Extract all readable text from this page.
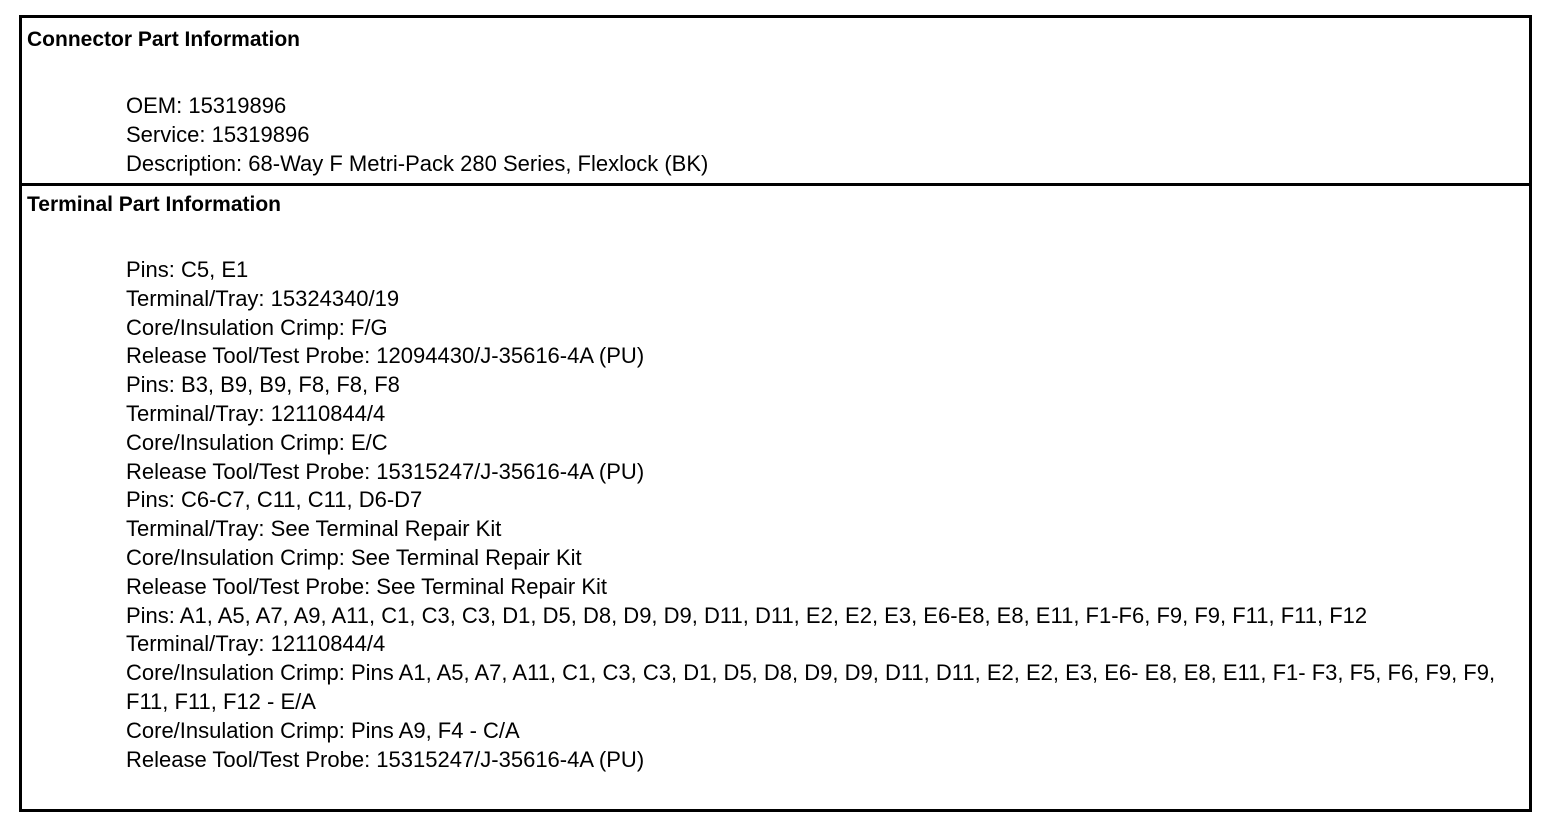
Connector Part Information
OEM: 15319896
Service: 15319896
Description: 68-Way F Metri-Pack 280 Series, Flexlock (BK)
Terminal Part Information
Pins: C5, E1
Terminal/Tray: 15324340/19
Core/Insulation Crimp: F/G
Release Tool/Test Probe: 12094430/J-35616-4A (PU)
Pins: B3, B9, B9, F8, F8, F8
Terminal/Tray: 12110844/4
Core/Insulation Crimp: E/C
Release Tool/Test Probe: 15315247/J-35616-4A (PU)
Pins: C6-C7, C11, C11, D6-D7
Terminal/Tray: See Terminal Repair Kit
Core/Insulation Crimp: See Terminal Repair Kit
Release Tool/Test Probe: See Terminal Repair Kit
Pins: A1, A5, A7, A9, A11, C1, C3, C3, D1, D5, D8, D9, D9, D11, D11, E2, E2, E3, E6-E8, E8, E11, F1-F6, F9, F9, F11, F11, F12
Terminal/Tray: 12110844/4
Core/Insulation Crimp: Pins A1, A5, A7, A11, C1, C3, C3, D1, D5, D8, D9, D9, D11, D11, E2, E2, E3, E6- E8, E8, E11, F1- F3, F5, F6, F9, F9, F11, F11, F12 - E/A
Core/Insulation Crimp: Pins A9, F4 - C/A
Release Tool/Test Probe: 15315247/J-35616-4A (PU)
